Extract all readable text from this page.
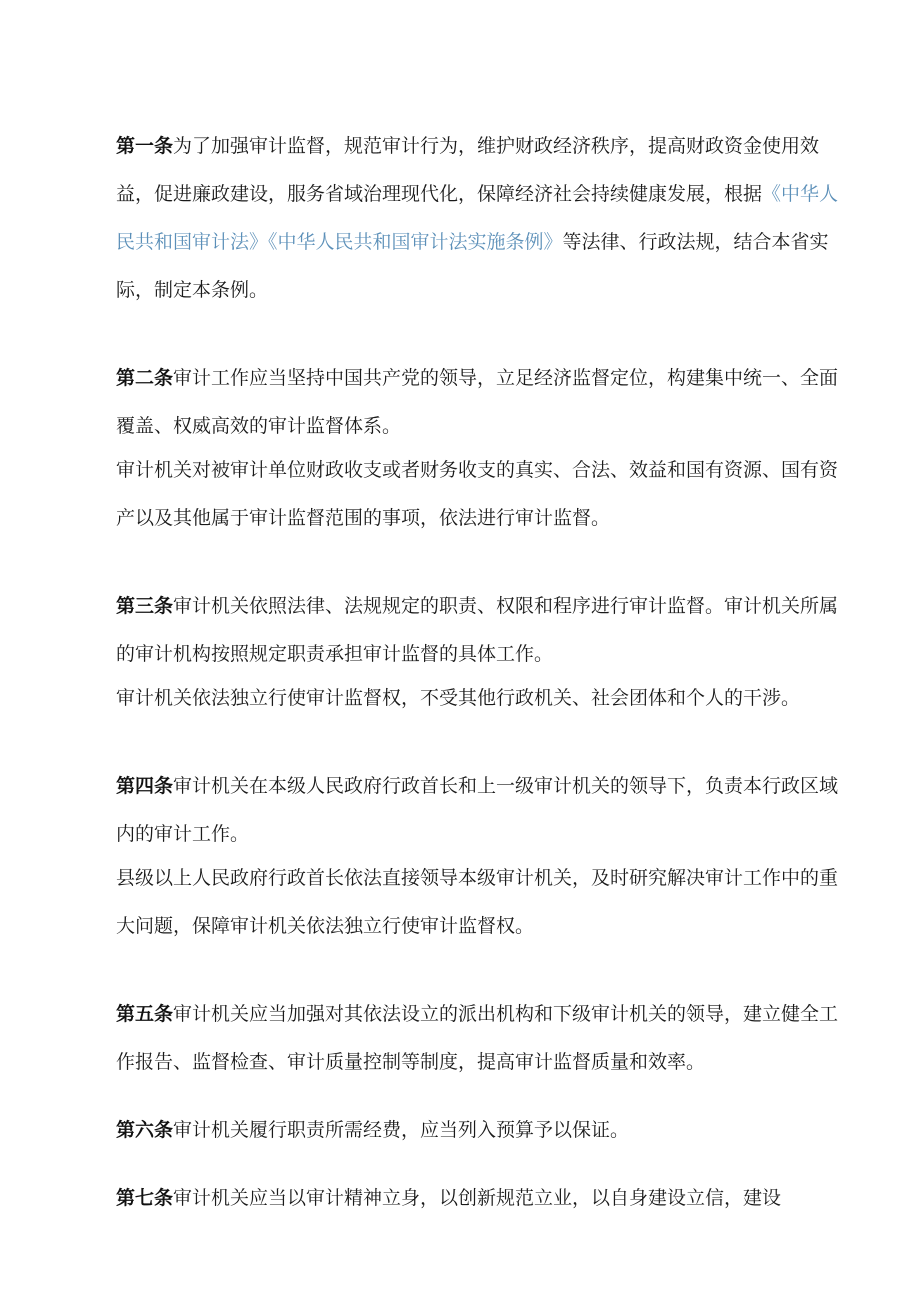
第一条为了加强审计监督，规范审计行为，维护财政经济秩序，提高财政资金使用效益，促进廉政建设，服务省域治理现代化，保障经济社会持续健康发展，根据《中华人民共和国审计法》《中华人民共和国审计法实施条例》等法律、行政法规，结合本省实际，制定本条例。

第二条审计工作应当坚持中国共产党的领导，立足经济监督定位，构建集中统一、全面覆盖、权威高效的审计监督体系。

审计机关对被审计单位财政收支或者财务收支的真实、合法、效益和国有资源、国有资产以及其他属于审计监督范围的事项，依法进行审计监督。

第三条审计机关依照法律、法规规定的职责、权限和程序进行审计监督。审计机关所属的审计机构按照规定职责承担审计监督的具体工作。

审计机关依法独立行使审计监督权，不受其他行政机关、社会团体和个人的干涉。

第四条审计机关在本级人民政府行政首长和上一级审计机关的领导下，负责本行政区域内的审计工作。

县级以上人民政府行政首长依法直接领导本级审计机关，及时研究解决审计工作中的重大问题，保障审计机关依法独立行使审计监督权。

第五条审计机关应当加强对其依法设立的派出机构和下级审计机关的领导，建立健全工作报告、监督检查、审计质量控制等制度，提高审计监督质量和效率。

第六条审计机关履行职责所需经费，应当列入预算予以保证。

第七条审计机关应当以审计精神立身，以创新规范立业，以自身建设立信，建设
